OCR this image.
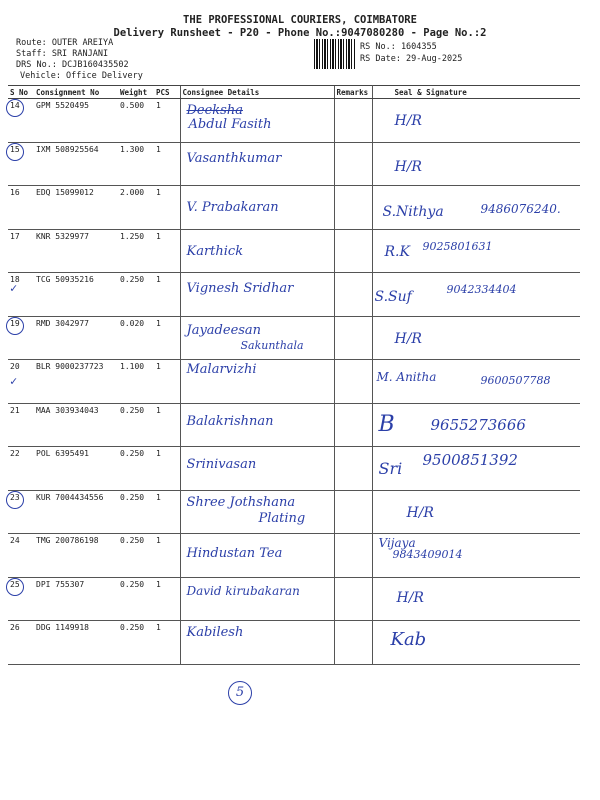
THE PROFESSIONAL COURIERS, COIMBATORE
Delivery Runsheet - P20 - Phone No.:9047080280 - Page No.:2
Route: OUTER AREIYA
Staff: SRI RANJANI
DRS No.: DCJB160435502
Vehicle: Office Delivery
RS No.: 1604355
RS Date: 29-Aug-2025
S No	Consignment No	Weight	PCS	Consignee Details	Remarks	Seal & Signature

14	GPM 5520495	0.500	1	Deeksha
Abdul Fasith		H/R

15	IXM 508925564	1.300	1	Vasanthkumar		H/R

16	EDQ 15099012	2.000	1	V. Prabakaran		S.Nithya 9486076240.

17	KNR 5329977	1.250	1	Karthick		R.K 9025801631

✓
18	TCG 50935216	0.250	1	Vignesh Sridhar		S.Suf 9042334404

19	RMD 3042977	0.020	1	Jayadeesan
Sakunthala		H/R

✓
20	BLR 9000237723	1.100	1	Malarvizhi		M. Anitha 9600507788

21	MAA 303934043	0.250	1	Balakrishnan		B 9655273666

22	POL 6395491	0.250	1	Srinivasan		Sri 9500851392

23	KUR 7004434556	0.250	1	Shree Jothshana
Plating		H/R

24	TMG 200786198	0.250	1	Hindustan Tea		Vijaya
9843409014

25	DPI 755307	0.250	1	David kirubakaran		H/R

26	DDG 1149918	0.250	1	Kabilesh		Kab
5
